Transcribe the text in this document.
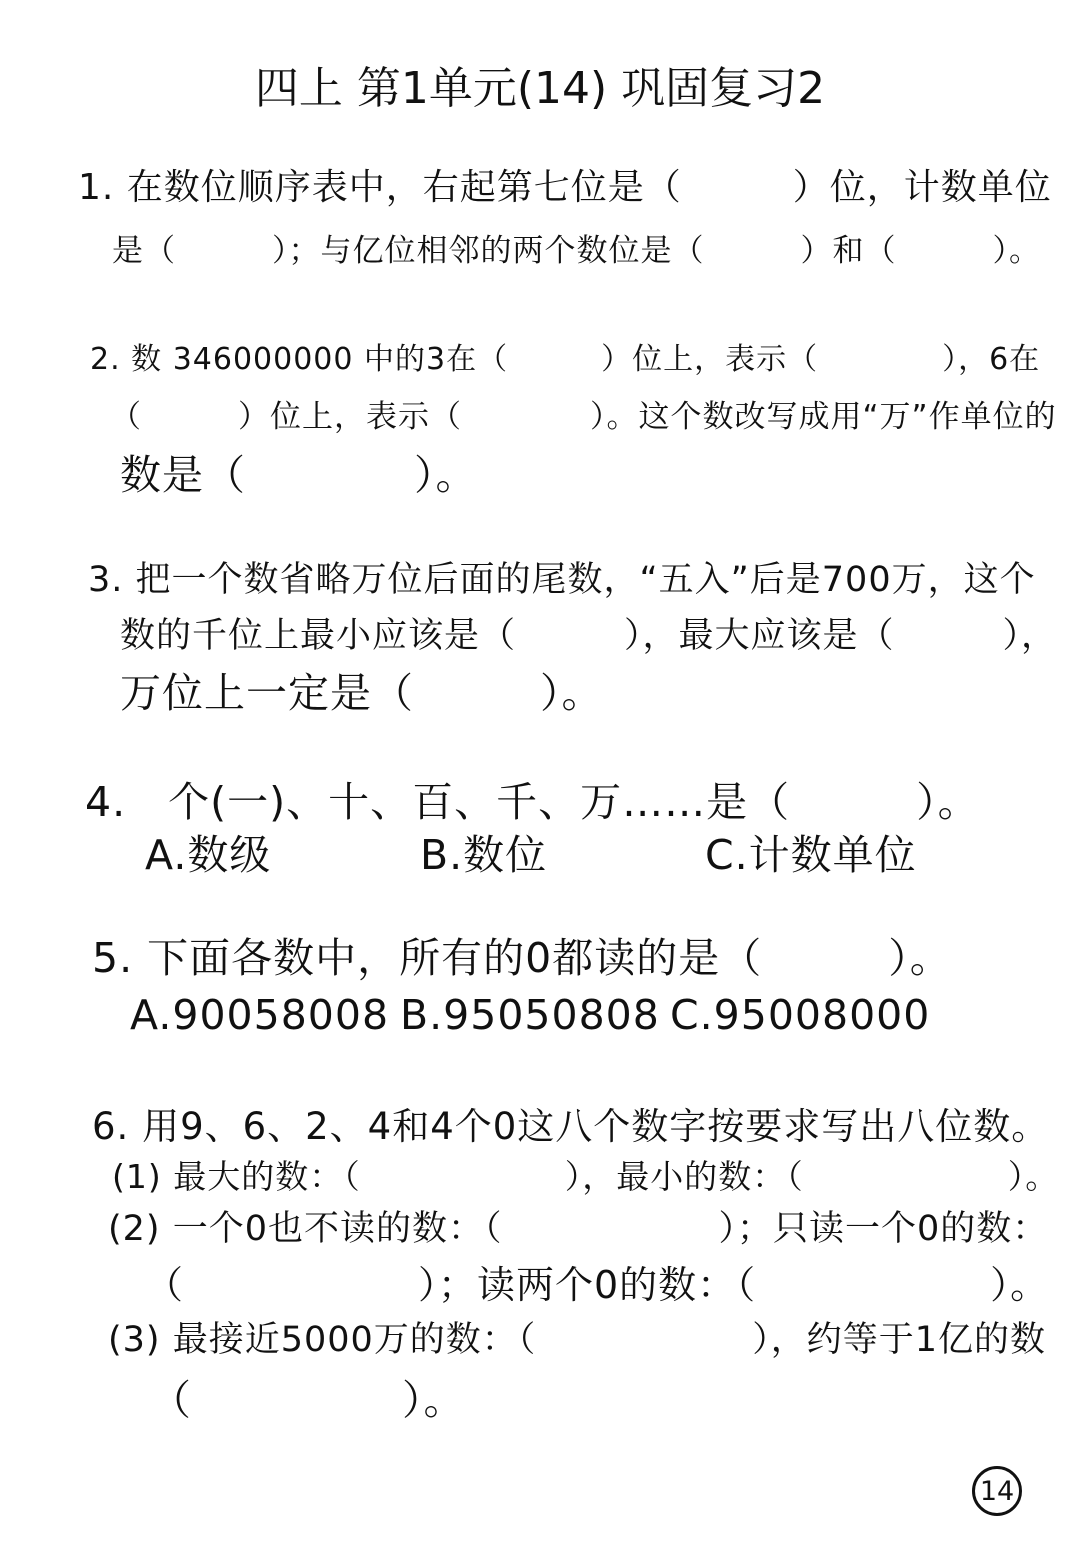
四上 第1单元(14) 巩固复习2
1. 在数位顺序表中，右起第七位是（　　　）位，计数单位
是（　　　）；与亿位相邻的两个数位是（　　　）和（　　　）。
2. 数 346000000 中的3在（　　　）位上，表示（　　　　），6在
（　　　）位上，表示（　　　　）。这个数改写成用“万”作单位的
数是（　　　　）。
3. 把一个数省略万位后面的尾数，“五入”后是700万，这个
数的千位上最小应该是（　　　），最大应该是（　　　），
万位上一定是（　　　）。
4.　个(一)、十、百、千、万……是（　　　）。
A.数级	B.数位	C.计数单位
5. 下面各数中，所有的0都读的是（　　　）。
A.90058008 B.95050808 C.95008000
6. 用9、6、2、4和4个0这八个数字按要求写出八位数。
(1) 最大的数：（　　　　　　），最小的数：（　　　　　　）。
(2) 一个0也不读的数：（　　　　　　）；只读一个0的数：
（　　　　　　）；读两个0的数：（　　　　　　）。
(3) 最接近5000万的数：（　　　　　　），约等于1亿的数
（　　　　　）。
14
